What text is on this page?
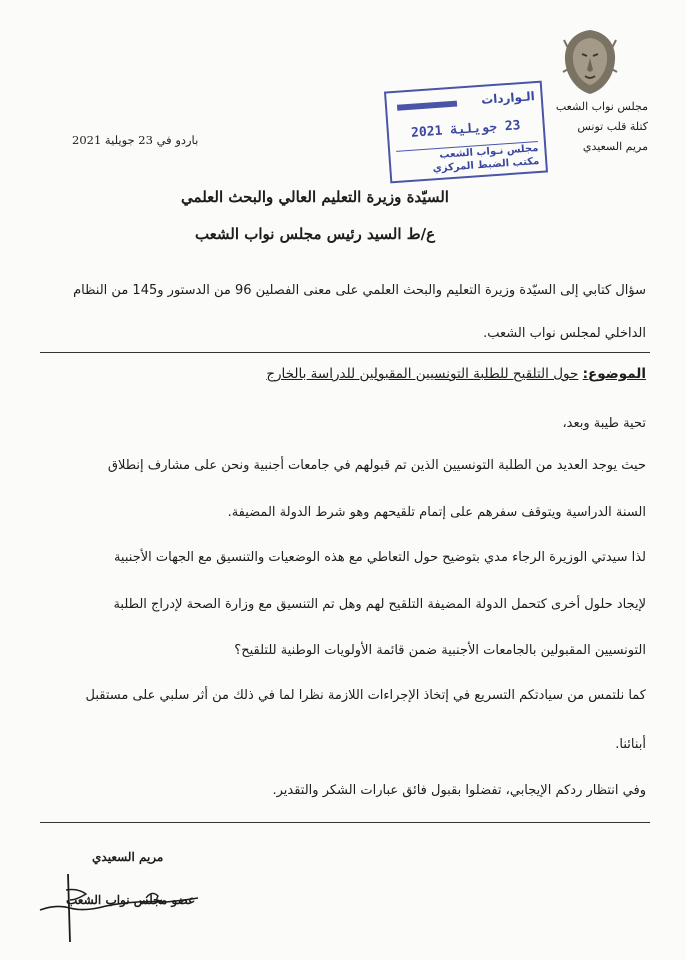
مجلس نواب الشعب
كتلة قلب تونس
مريم السعيدي
باردو في 23 جويلية 2021
الـواردات
23 جويلية 2021
مجلس نـواب الشعب
مكتب الضبط المركزي
السيّدة وزيرة التعليم العالي والبحث العلمي
ع/ط السيد رئيس مجلس نواب الشعب
سؤال كتابي إلى السيّدة وزيرة التعليم والبحث العلمي على معنى الفصلين 96 من الدستور و145 من النظام
الداخلي لمجلس نواب الشعب.
الموضوع: حول التلقيح للطلبة التونسيين المقبولين للدراسة بالخارج
تحية طيبة وبعد،
حيث يوجد العديد من الطلبة التونسيين الذين تم قبولهم في جامعات أجنبية ونحن على مشارف إنطلاق
السنة الدراسية ويتوقف سفرهم على إتمام تلقيحهم وهو شرط الدولة المضيفة.
لذا سيدتي الوزيرة الرجاء مدي بتوضيح حول التعاطي مع هذه الوضعيات والتنسيق مع الجهات الأجنبية
لإيجاد حلول أخرى كتحمل الدولة المضيفة التلقيح لهم وهل تم التنسيق مع وزارة الصحة لإدراج الطلبة
التونسيين المقبولين بالجامعات الأجنبية ضمن قائمة الأولويات الوطنية للتلقيح؟
كما نلتمس من سيادتكم التسريع في إتخاذ الإجراءات اللازمة نظرا لما في ذلك من أثر سلبي على مستقبل
أبنائنا.
وفي انتظار ردكم الإيجابي، تفضلوا بقبول فائق عبارات الشكر والتقدير.
مريم السعيدي
عضو مجلس نواب الشعب
